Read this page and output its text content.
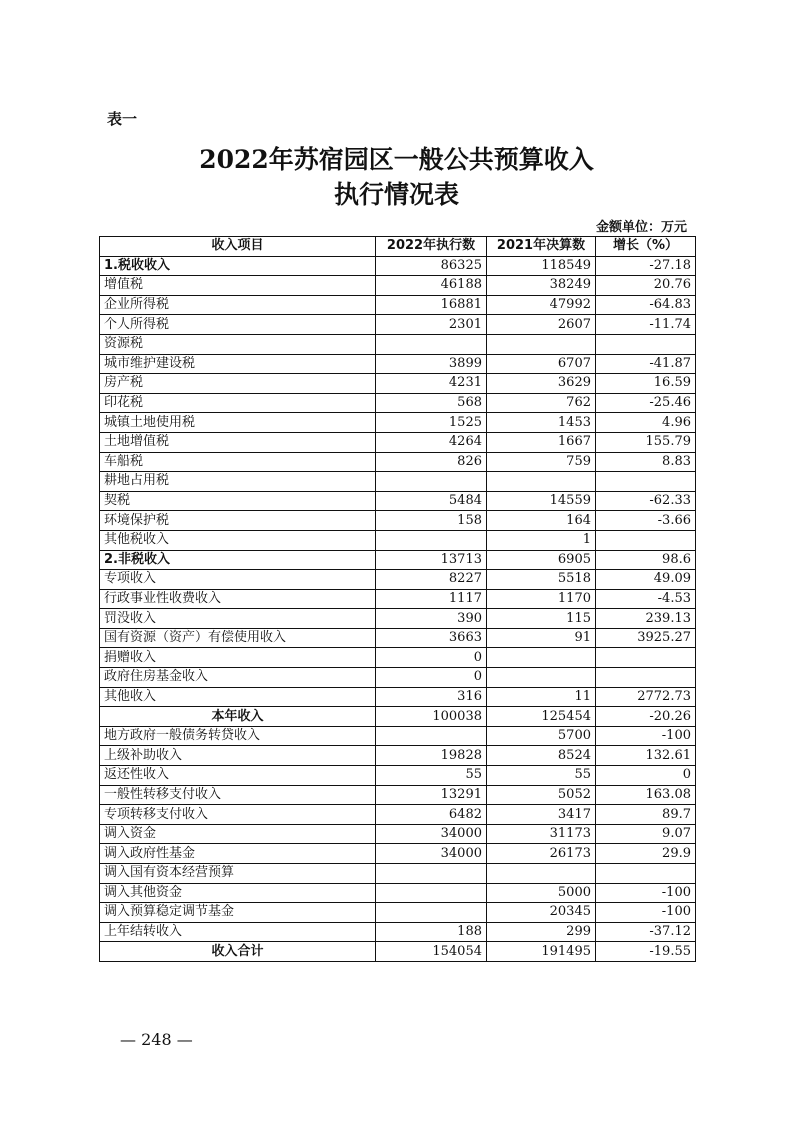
表一
2022年苏宿园区一般公共预算收入
执行情况表
金额单位：万元
收入项目	2022年执行数	2021年决算数	增长（%）
1.税收收入	86325	118549	-27.18
增值税	46188	38249	20.76
企业所得税	16881	47992	-64.83
个人所得税	2301	2607	-11.74
资源税			
城市维护建设税	3899	6707	-41.87
房产税	4231	3629	16.59
印花税	568	762	-25.46
城镇土地使用税	1525	1453	4.96
土地增值税	4264	1667	155.79
车船税	826	759	8.83
耕地占用税			
契税	5484	14559	-62.33
环境保护税	158	164	-3.66
其他税收入		1	
2.非税收入	13713	6905	98.6
专项收入	8227	5518	49.09
行政事业性收费收入	1117	1170	-4.53
罚没收入	390	115	239.13
国有资源（资产）有偿使用收入	3663	91	3925.27
捐赠收入	0		
政府住房基金收入	0		
其他收入	316	11	2772.73
本年收入	100038	125454	-20.26
地方政府一般债务转贷收入		5700	-100
上级补助收入	19828	8524	132.61
返还性收入	55	55	0
一般性转移支付收入	13291	5052	163.08
专项转移支付收入	6482	3417	89.7
调入资金	34000	31173	9.07
调入政府性基金	34000	26173	29.9
调入国有资本经营预算			
调入其他资金		5000	-100
调入预算稳定调节基金		20345	-100
上年结转收入	188	299	-37.12
收入合计	154054	191495	-19.55
— 248 —
